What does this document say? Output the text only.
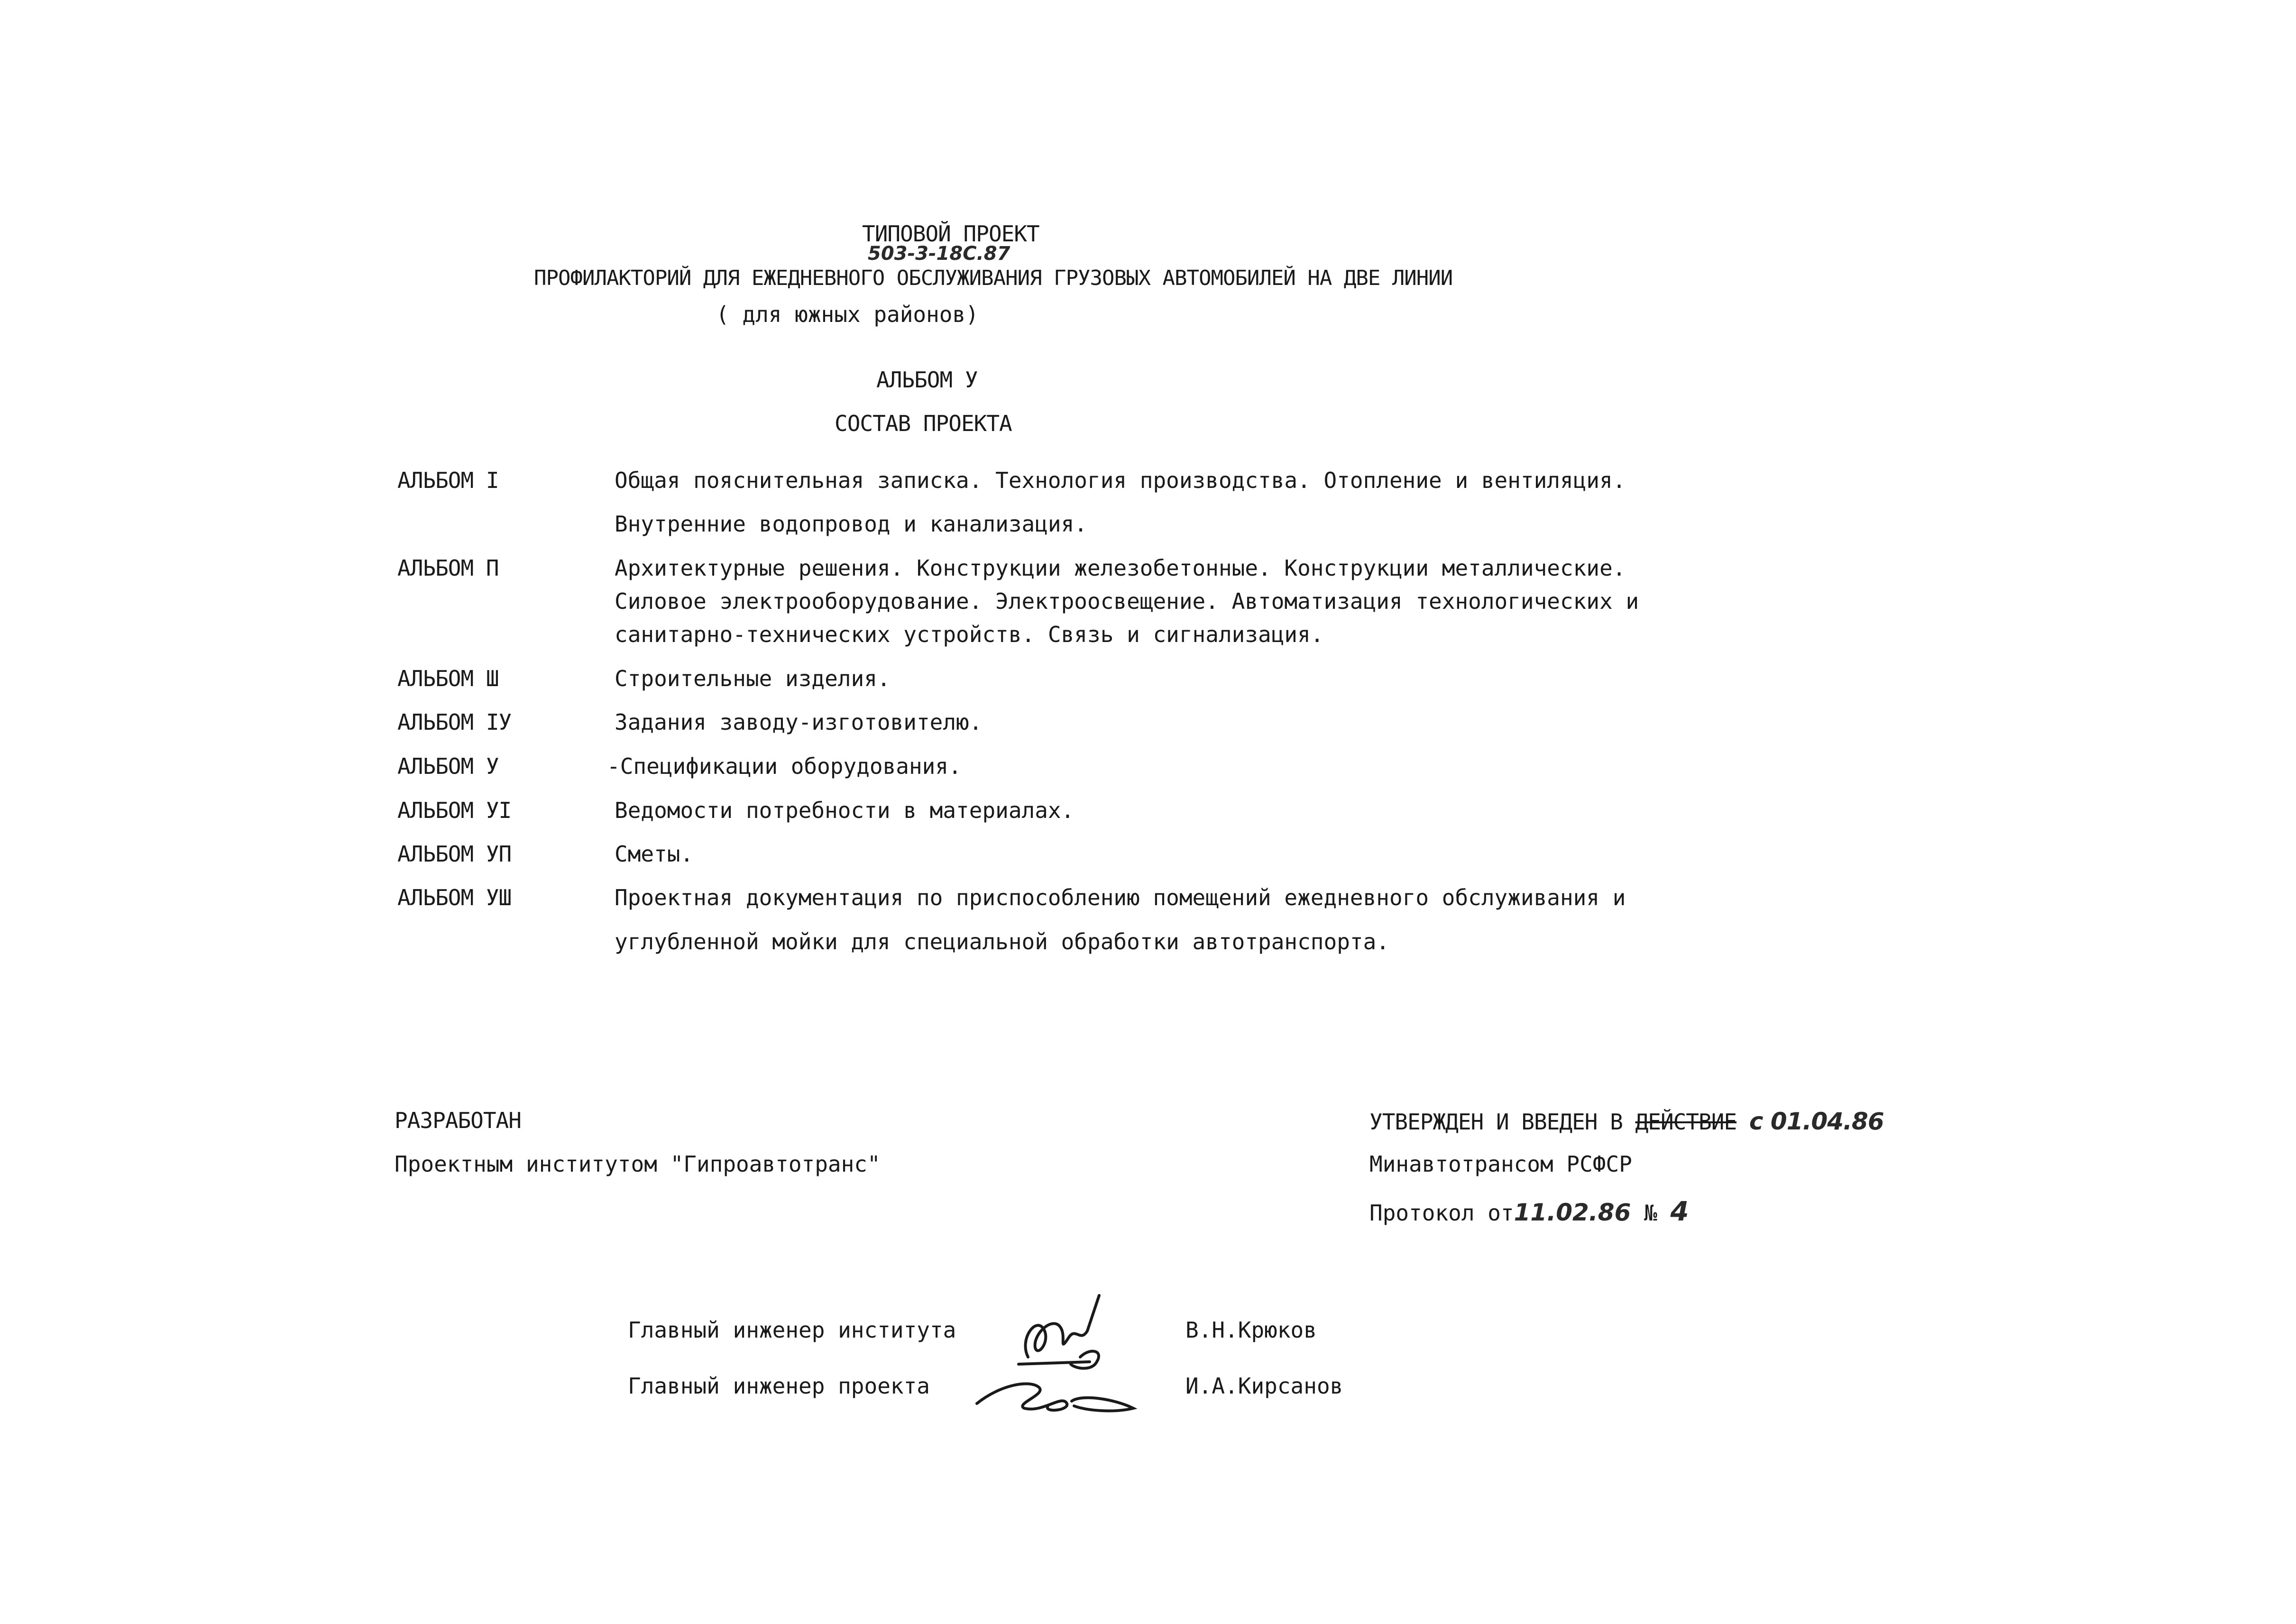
ТИПОВОЙ ПРОЕКТ
503-3-18С.87
ПРОФИЛАКТОРИЙ ДЛЯ ЕЖЕДНЕВНОГО ОБСЛУЖИВАНИЯ ГРУЗОВЫХ АВТОМОБИЛЕЙ НА ДВЕ ЛИНИИ
( для южных районов)
АЛЬБОМ У
СОСТАВ ПРОЕКТА
АЛЬБОМ I	Общая пояснительная записка. Технология производства. Отопление и вентиляция.
Внутренние водопровод и канализация.
АЛЬБОМ П	Архитектурные решения. Конструкции железобетонные. Конструкции металлические.
Силовое электрооборудование. Электроосвещение. Автоматизация технологических и
санитарно-технических устройств. Связь и сигнализация.
АЛЬБОМ Ш	Строительные изделия.
АЛЬБОМ IУ	Задания заводу-изготовителю.
АЛЬБОМ У	-Спецификации оборудования.
АЛЬБОМ УI	Ведомости потребности в материалах.
АЛЬБОМ УП	Сметы.
АЛЬБОМ УШ	Проектная документация по приспособлению помещений ежедневного обслуживания и
углубленной мойки для специальной обработки автотранспорта.
РАЗРАБОТАН
Проектным институтом "Гипроавтотранс"
УТВЕРЖДЕН И ВВЕДЕН В ДЕЙСТВИЕ с 01.04.86
Минавтотрансом РСФСР
Протокол от11.02.86 № 4
Главный инженер института	В.Н.Крюков
Главный инженер проекта	И.А.Кирсанов
